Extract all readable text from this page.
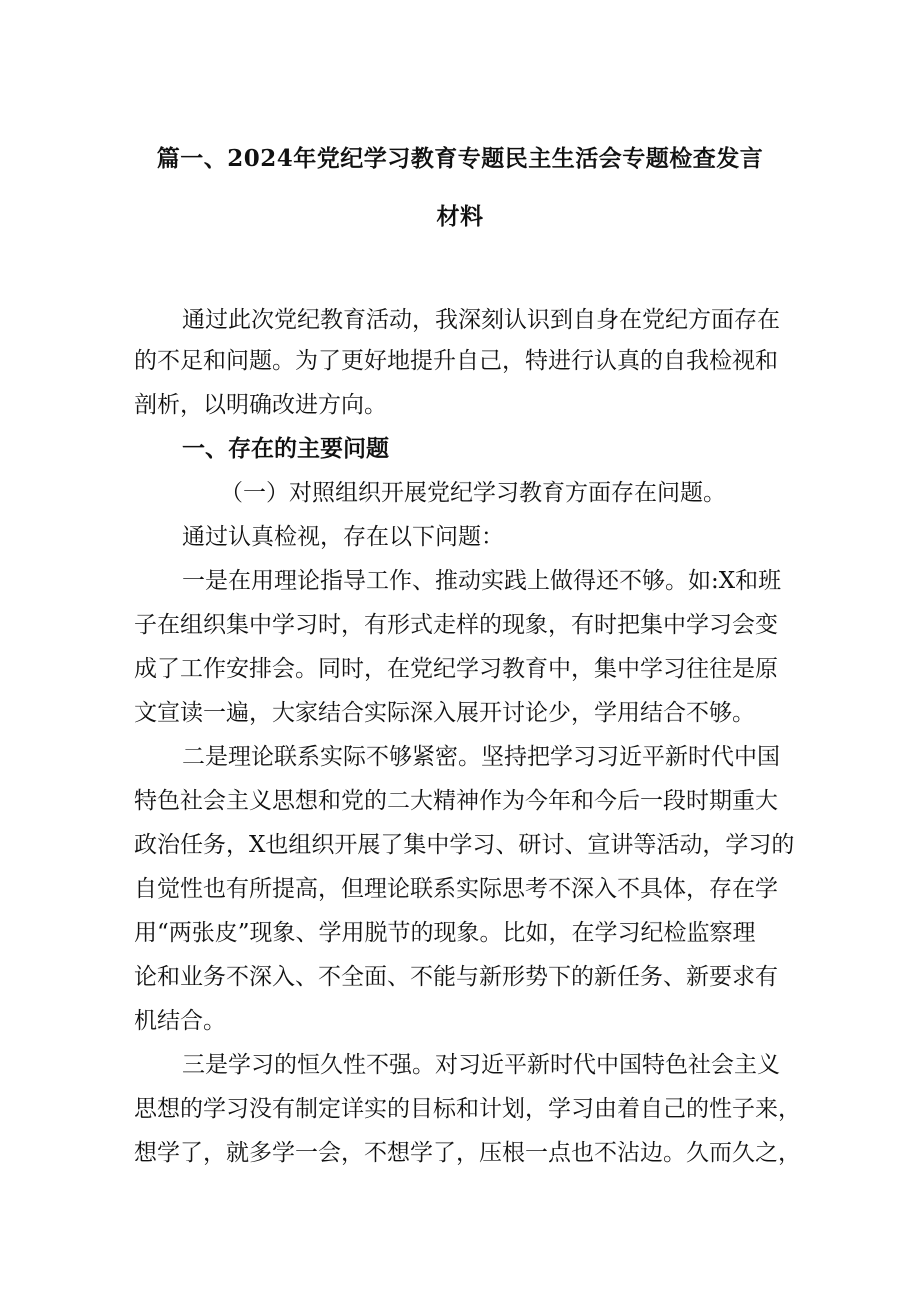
篇一、2024年党纪学习教育专题民主生活会专题检查发言
材料
通过此次党纪教育活动，我深刻认识到自身在党纪方面存在
的不足和问题。为了更好地提升自己，特进行认真的自我检视和
剖析，以明确改进方向。
一、存在的主要问题
（一）对照组织开展党纪学习教育方面存在问题。
通过认真检视，存在以下问题：
一是在用理论指导工作、推动实践上做得还不够。如:X和班
子在组织集中学习时，有形式走样的现象，有时把集中学习会变
成了工作安排会。同时，在党纪学习教育中，集中学习往往是原
文宣读一遍，大家结合实际深入展开讨论少，学用结合不够。
二是理论联系实际不够紧密。坚持把学习习近平新时代中国
特色社会主义思想和党的二大精神作为今年和今后一段时期重大
政治任务，X也组织开展了集中学习、研讨、宣讲等活动，学习的
自觉性也有所提高，但理论联系实际思考不深入不具体，存在学
用“两张皮”现象、学用脱节的现象。比如，在学习纪检监察理
论和业务不深入、不全面、不能与新形势下的新任务、新要求有
机结合。
三是学习的恒久性不强。对习近平新时代中国特色社会主义
思想的学习没有制定详实的目标和计划，学习由着自己的性子来，
想学了，就多学一会，不想学了，压根一点也不沾边。久而久之，
